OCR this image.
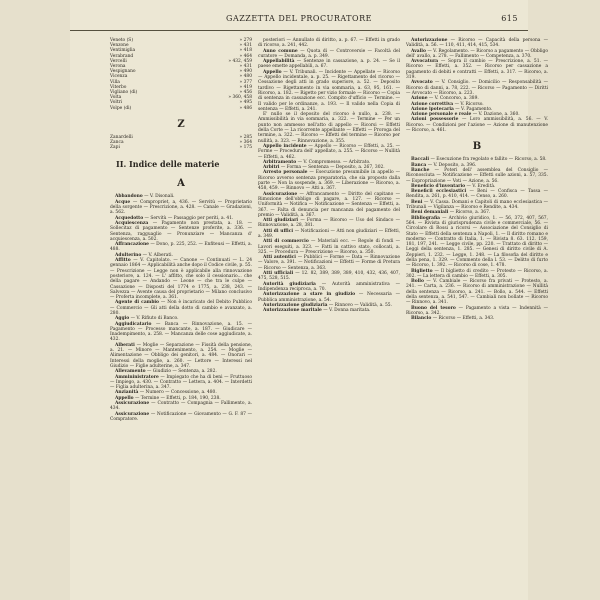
GAZZETTA DEL PROCURATORE	615
Veneto (S)	» 279
Venzone	» 431
Ventimiglia	» 418
Verabrand	» 464
Vercelli	» 432, 459
Verona	» 431
Vespignano	» 490
Vicenza	» 480
Villa	» 377
Viterbo	» 419
Vigliano (di)	» 456
Volta	» 360, 458
Voltri	» 495
Volpe (di)	» 486
Z
Zanardelli	» 285
Zanca	» 364
Zapi	» 175
II. Indice delle materie
A

Abbandono — V. Disonali.

Acque — Compropriet, a, 436. — Servitù — Proprietario della sorgente — Prescrizione, a. 428. — Canale — Gradazioni, a. 562.

Acquedotto — Servitù — Passaggio per periti, a. 41.

Acquiescenza — Pagamento non prestata, a. 18. — Sollecitaz di pagamento — Sentenze proferite, a. 336. — Sentenza, ragguaglio — Pronunziare — Mancanza d' acquiescenza, a. 502.

Affrancazione — Dono, p. 225, 252. — Enfiteusi — Effetti, a. 488.

Adulterino — V. Alberati.

Affitto — V. Capitolato. — Canone — Continuati — L. 24 gennaio 1864 — Applicabilità anche dopo il Codice civile, p. 55. — Prescrizione — Legge non è applicabile alla rinnovazione posteriore, a. 124. — L' affitto, che solo il cessionario... che della pagare — Andando — Leone — che tra le culpe — Cassazione — Disposti del 1774 e 1775, a. 238, 243. — Salvezza — Avente causa del proprietario — Milano conclusivo — Proferta incomplete, a. 361.

Agente di cambio — Non è incaricato del Debito Pubblico — Commercio — Gli atti della dotto di cambio e avanzato, a. 280.

Aggio — V. Rifiuto di Banco.

Aggiudicatario — Banca — Rinnovazione, a. 15. — Pagamento — Processo mancante, a. 187. — Giudicare — Inadempimento, a. 258. — Mancanza delle cose aggiudicate, a. 432.

Alberati — Moglie — Separazione — Fissità della pensione, a. 21. — Minore — Mantenimento, a. 254. — Moglie — Alimentazione — Obbligo dei genitori, a. 484. — Onorari — Interessi della moglie, a. 260. — Lettore — Interessi nel Giudizio — Figlie adulterine, a. 347.

Allevamento — Giudizio — Sentenza, a. 282.

Ammininistratore — Impiegato che ha di beni — Fruttuoso — Impiego, a. 430. — Contratto — Lettera, a. 404. — Interdetti — Figlia adulterina, a. 347.

Anzianità — Numero — Concessione, a. 480.

Appello — Termine — Effetti, p. 184, 190, 238.

Assicurazione — Contratto — Compagnia — Fallimento, a. 434.

Assicurazione — Notificazione — Giovamento — G. F. 87 — Compratore.

posteriori — Annullato di diritto, a. p. 67. — Effetti in grado di ricorso, a. 241, 442.

Anno comune — Quota di — Controversie — Facoltà del curatore — Domanda, a. p. 349.

Appellabilità — Sentenze in cassazione, a. p. 24. — Se il paese emette appellabili, a. 67.

Appello — V. Tribunali. — Incidente — Appellate — Ricorso — Appello incidentale, a. p. 25. — Rigettamento del ricorso — Cessazione degli atti in grado superiore, a. 52. — Deposito tardivo — Rigettamento in via sommaria, a. 63, 95, 161. — Ricorso, a. 182. — Rigetto per vizio formale — Ricorso — Copia di sentenza in cassazione ecc. Compito d'ufficio — Termine. — Il valido per le ordinanze, a. 193. — Il valido nella Copia di sentenza — Effetti, a. 241.

E' nullo se il deposito del ricorso è nullo, a. 238. — Ammissibilità in via sommaria, a. 322. — Termine — Per un punto non ammesso nell'atto di appello — Ricorsi — Effetti della Corte — La ricorrente appellante — Effetti — Proroga del termine, a. 322. — Ricorso — Effetti del termine — Ricorso per nullità, a. 323. — Rinnovazione, a. 355.

Appello incidente — Appello — Ricorso — Effetti, a. 25. — Forme — Procedura dell' appellato, a. 255. — Ricorso — Nullità — Effetti, a. 462.

Arbitramento — V. Compromesso. — Arbitrato.

Arbitri — Forma — Sentenza — Deposito, a. 267, 302.

Arresto personale — Esecuzione presumibile in appello — Ricorso avverso sentenza preparatoria, che sia proposto dalla parte — Non la sospende, a. 369. — Liberazione — Ricorso, a. 458, 459. — Rinnovo — Atti a. 367.

Assicurazione — Affrancamento — Diritto del capitano — Rimozione dell'obbligo di pagare, a. 127. — Ricorso — Uniformità — Notifica — Notificazione — Sentenza — Effetti, a. 367. — Falta di denuncia per mancanza del pagamento del premio — Validità, a. 367.

Atti giudiziari — Forma — Ricorso — Uso del Sindaco — Rinnovazione, a. 28, 381.

Atti di uffici — Notificazioni — Atti non giudiziari — Effetti, a. 349.

Atti di commercio — Materiali ecc. — Regole di fondi — Lavori eseguiti, a. 323. — Fatti in cattivo stato, collocati, a. 325. — Procedura — Prescrizione — Ricorso, a. 350.

Atti autentici — Pubblici — Forme — Data — Rinnovazione — Valore, a. 391. — Notificazioni — Effetti — Forme di Pretura — Ricorso — Sentenza, a. 363.

Atti ufficiali — 12. 82, 389, 389, 389, 410, 432, 436, 407, 475, 528, 515.

Autorità giudiziaria — Autorità amministrativa — Indipendenza reciproca, a. 70.

Autorizzazione a stare in giudizio — Necessaria — Pubblica amministrazione, a. 54.

Autorizzazione giudiziaria — Rinnovo — Validità, a. 55.

Autorizzazione maritale — V. Donna maritata.

Autorizzazione — Ricorso — Capacità della persona — Validità, a. 56. — 110, 411, 414, 415, 534.

Avallo — V. Regolamento. — Ricorso a pagamento — Obbligo dell' avallo, a. 278. — Fallimento — Competenza, a. 370.

Avvocatura — Sopra il cambio — Prescrizione, a. 51. — Ricorso — Effetti, a. 352. — Ricorso per cassazione a pagamento di debiti e contratti — Effetti, a. 317. — Ricorso, a. 319.

Avvocato — V. Consiglio. — Domicilio — Responsabilità — Ricorso di danni, a. 78, 222. — Ricorso — Pagamento — Diritti — Avvocato — Ricorso, a. 223.

Azione — V. Concorso, a. 389.

Azione correttiva — V. Ricorso.

Azione ipotecaria — V. Pagamento.

Azione personale e reale — V. Dazione, a. 360.

Azioni possessorie — Loro ammissibilità, a. 56. — V. Ricorso. — Condizioni per l'azione — Azione di manutenzione — Ricorso, a. 461.

B

Baccali — Esecuzione fra regolato e fallito — Ricorso, a. 58.

Banca — V. Deposito, a. 396.

Banche — Poteri dell' assemblea del Consiglio — Riconosciuta — Notificazione — Effetti sulle azioni, a. 57, 335. — Espropriazione — Voti — Azione, a. 56.

Beneficio d'inventario — V. Eredità.

Beneficii ecclesiastici — Beni — Confisca — Tassa — Rendita, a. 261, p. 410, 414. — Censo, a. 260.

Beni — V. Cassa. Domani e Capitoli di mano ecclesiastica — Tribunali — Vigilanza — Ricorso e Rendite, a. 434.

Beni demaniali — Ricorso, a. 367.

Bibliografia — Archivio giuridico, 1. — 56, 372, 407, 567, 564. — Rivista di giurisprudenza civile e commerciale, 56. — Circolare di Rossi a ricorsi — Associazione del Consiglio di Stato — Effetti della sentenza a Napoli, 1. — Il diritto romano e moderno — Contratto di Italia, 1. — Rivista 8. 63. 112. 159, 181, 197, 241. — Legge civile, pp. 220. — Trattato di diritto — Leggi della sentenza, 1. 285. — Genesi di diritto civile di A. Zeppieri, 1. 232. — Legge, 1. 248. — La filosofia del diritto e della pena, 1. 329. — Commento della l. 53. — Delitto di furto — Ricorso, 1. 392. — Ricorso di cose, 1. 478.

Biglietto — Il biglietto di credito — Protesto — Ricorso, a. 302. — La lettera di cambio — Effetti, a. 305.

Bollo — V. Cambiale — Ricorso fra privati — Protesto, a. 241. — Carta, a. 236. — Ricorso di amministrazione — Nullità della sentenza — Ricorso, a. 241. — Bollo, a. 544. — Effetti della sentenza, a. 541, 547. — Cambiali non bollate — Ricorso — Rinnovo, a. 341.

Buono del tesoro — Pagamento a vista — Indennità — Ricorso, a. 342.

Bilancio — Ricorso — Effetti, a. 343.
